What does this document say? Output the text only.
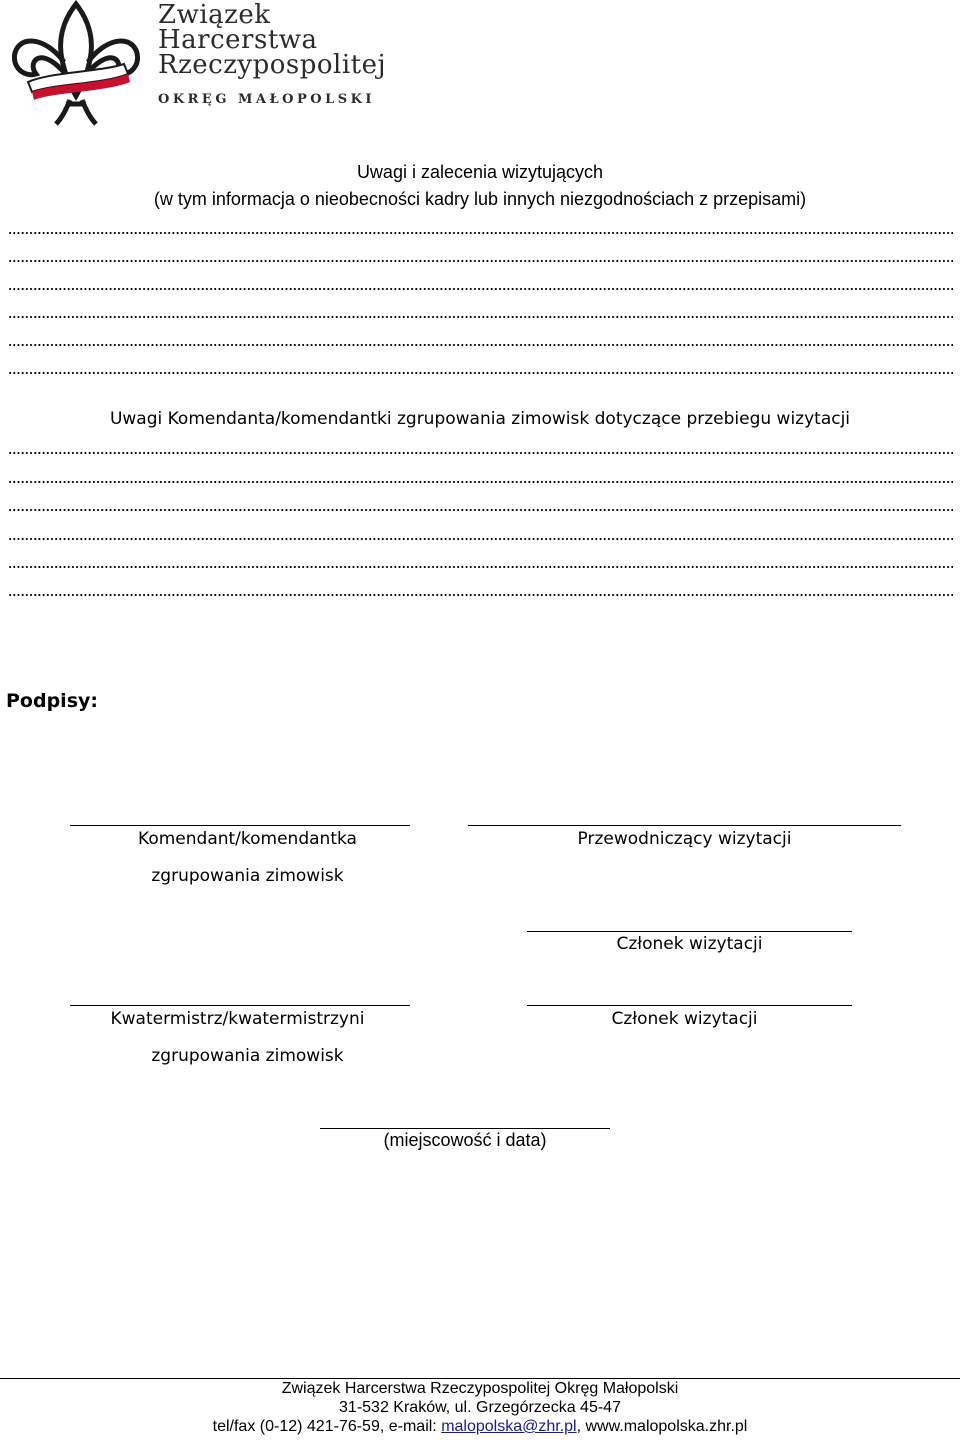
Związek
Harcerstwa
Rzeczypospolitej
OKRĘG MAŁOPOLSKI
Uwagi i zalecenia wizytujących
(w tym informacja o nieobecności kadry lub innych niezgodnościach z przepisami)
Uwagi Komendanta/komendantki zgrupowania zimowisk dotyczące przebiegu wizytacji
Podpisy:
Komendant/komendantka
zgrupowania zimowisk
Przewodniczący wizytacji
Członek wizytacji
Kwatermistrz/kwatermistrzyni
zgrupowania zimowisk
Członek wizytacji
(miejscowość i data)
Związek Harcerstwa Rzeczypospolitej Okręg Małopolski
31-532 Kraków, ul. Grzegórzecka 45-47
tel/fax (0-12) 421-76-59, e-mail: malopolska@zhr.pl, www.malopolska.zhr.pl
